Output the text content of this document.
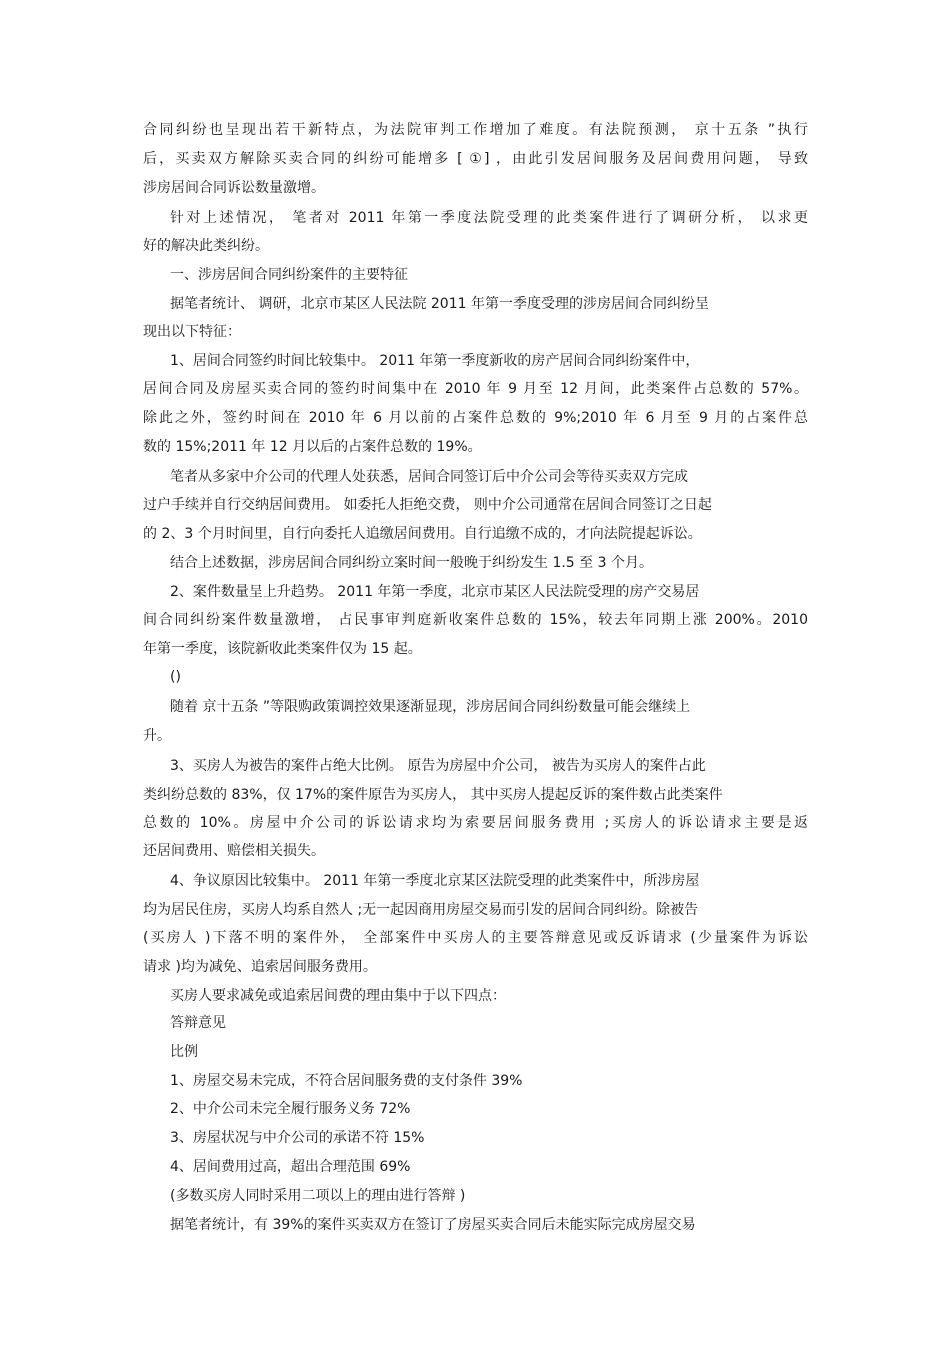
合同纠纷也呈现出若干新特点，为法院审判工作增加了难度。有法院预测， 京十五条 ”执行
后，买卖双方解除买卖合同的纠纷可能增多 [ ①] ，由此引发居间服务及居间费用问题， 导致
涉房居间合同诉讼数量激增。
针对上述情况， 笔者对 2011 年第一季度法院受理的此类案件进行了调研分析， 以求更
好的解决此类纠纷。
一、涉房居间合同纠纷案件的主要特征
据笔者统计、 调研，北京市某区人民法院 2011 年第一季度受理的涉房居间合同纠纷呈
现出以下特征：
1、居间合同签约时间比较集中。 2011 年第一季度新收的房产居间合同纠纷案件中，
居间合同及房屋买卖合同的签约时间集中在 2010 年 9 月至 12 月间，此类案件占总数的 57%。
除此之外，签约时间在 2010 年 6 月以前的占案件总数的 9%;2010 年 6 月至 9 月的占案件总
数的 15%;2011 年 12 月以后的占案件总数的 19%。
笔者从多家中介公司的代理人处获悉，居间合同签订后中介公司会等待买卖双方完成
过户手续并自行交纳居间费用。 如委托人拒绝交费， 则中介公司通常在居间合同签订之日起
的 2、3 个月时间里，自行向委托人追缴居间费用。自行追缴不成的，才向法院提起诉讼。
结合上述数据，涉房居间合同纠纷立案时间一般晚于纠纷发生 1.5 至 3 个月。
2、案件数量呈上升趋势。 2011 年第一季度，北京市某区人民法院受理的房产交易居
间合同纠纷案件数量激增， 占民事审判庭新收案件总数的 15%，较去年同期上涨 200%。2010
年第一季度，该院新收此类案件仅为 15 起。
()
随着 京十五条 ”等限购政策调控效果逐渐显现，涉房居间合同纠纷数量可能会继续上
升。
3、买房人为被告的案件占绝大比例。 原告为房屋中介公司， 被告为买房人的案件占此
类纠纷总数的 83%，仅 17%的案件原告为买房人， 其中买房人提起反诉的案件数占此类案件
总数的 10%。房屋中介公司的诉讼请求均为索要居间服务费用 ;买房人的诉讼请求主要是返
还居间费用、赔偿相关损失。
4、争议原因比较集中。 2011 年第一季度北京某区法院受理的此类案件中，所涉房屋
均为居民住房，买房人均系自然人 ;无一起因商用房屋交易而引发的居间合同纠纷。除被告
(买房人 )下落不明的案件外， 全部案件中买房人的主要答辩意见或反诉请求 (少量案件为诉讼
请求 )均为减免、追索居间服务费用。
买房人要求减免或追索居间费的理由集中于以下四点：
答辩意见
比例
1、房屋交易未完成，不符合居间服务费的支付条件 39%
2、中介公司未完全履行服务义务 72%
3、房屋状况与中介公司的承诺不符 15%
4、居间费用过高，超出合理范围 69%
(多数买房人同时采用二项以上的理由进行答辩 )
据笔者统计，有 39%的案件买卖双方在签订了房屋买卖合同后未能实际完成房屋交易
